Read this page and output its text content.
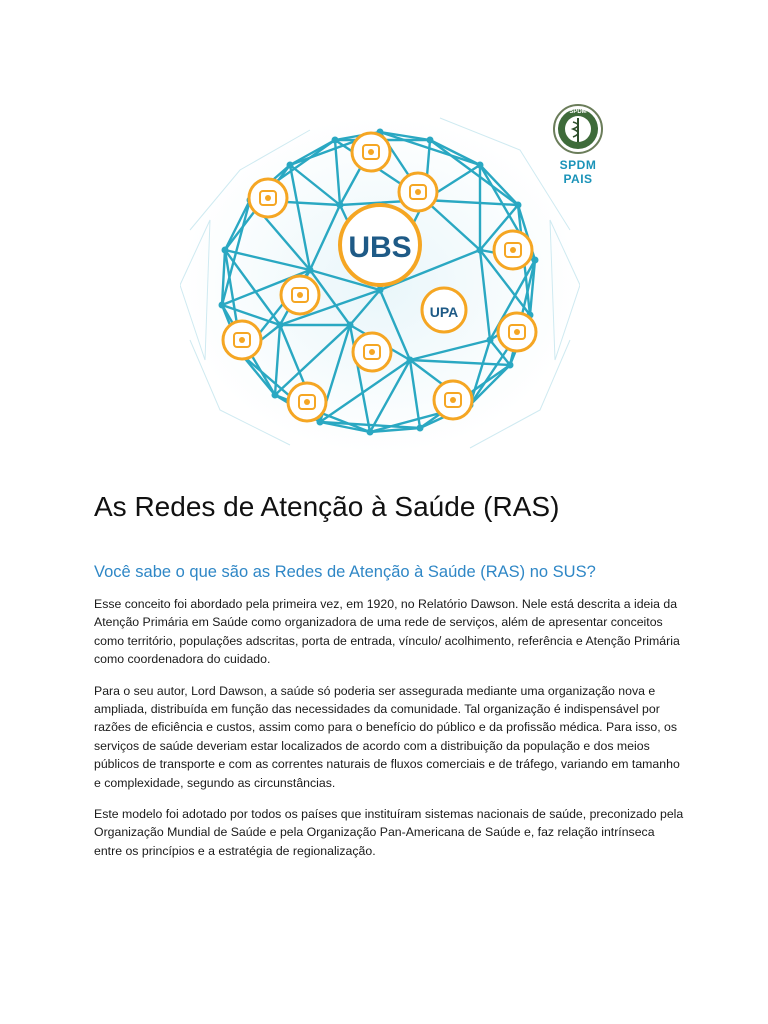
SPDM
SPDM
PAIS
UBS
UPA
As Redes de Atenção à Saúde (RAS)
Você sabe o que são as Redes de Atenção à Saúde (RAS) no SUS?

Esse conceito foi abordado pela primeira vez, em 1920, no Relatório Dawson. Nele está descrita a ideia da Atenção Primária em Saúde como organizadora de uma rede de serviços, além de apresentar conceitos como território, populações adscritas, porta de entrada, vínculo/ acolhimento, referência e Atenção Primária como coordenadora do cuidado.

Para o seu autor, Lord Dawson, a saúde só poderia ser assegurada mediante uma organização nova e ampliada, distribuída em função das necessidades da comunidade. Tal organização é indispensável por razões de eficiência e custos, assim como para o benefício do público e da profissão médica. Para isso, os serviços de saúde deveriam estar localizados de acordo com a distribuição da população e dos meios públicos de transporte e com as correntes naturais de fluxos comerciais e de tráfego, variando em tamanho e complexidade, segundo as circunstâncias.

Este modelo foi adotado por todos os países que instituíram sistemas nacionais de saúde, preconizado pela Organização Mundial de Saúde e pela Organização Pan-Americana de Saúde e, faz relação intrínseca entre os princípios e a estratégia de regionalização.
